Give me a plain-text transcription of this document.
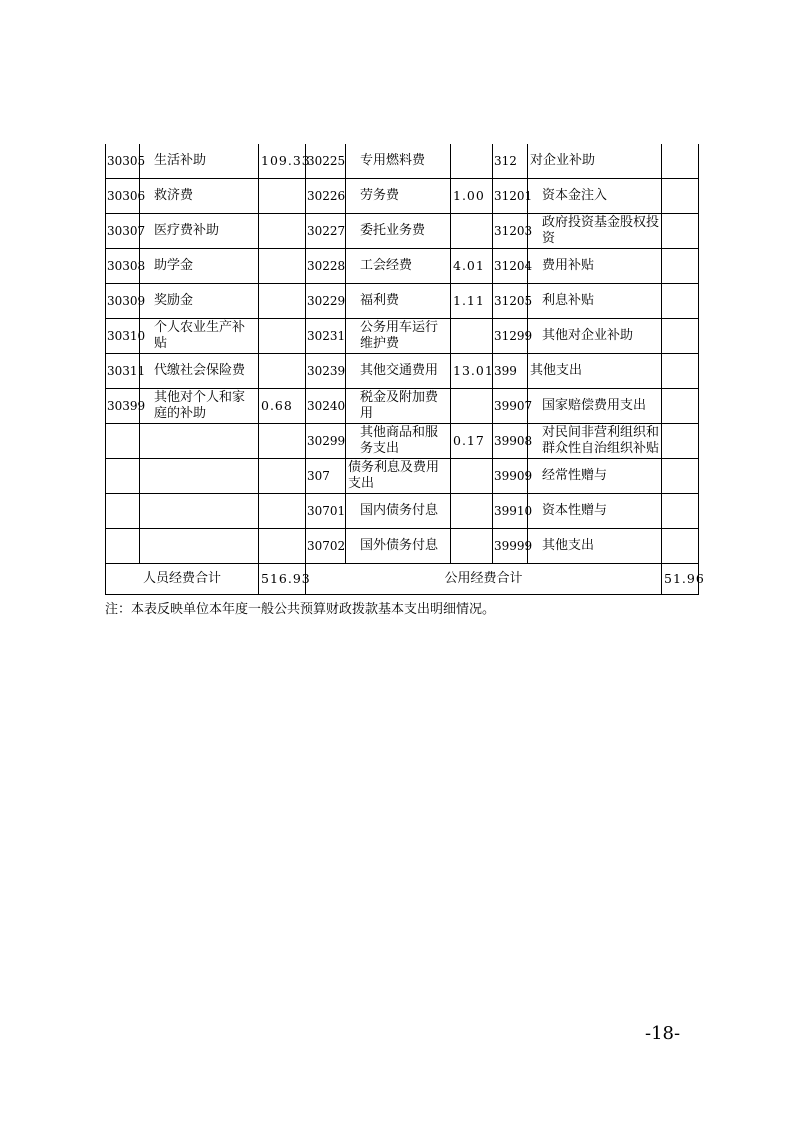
30305	生活补助	109.33	30225	专用燃料费		312	对企业补助	
30306	救济费		30226	劳务费	1.00	31201	资本金注入	
30307	医疗费补助		30227	委托业务费		31203	政府投资基金股权投资	
30308	助学金		30228	工会经费	4.01	31204	费用补贴	
30309	奖励金		30229	福利费	1.11	31205	利息补贴	
30310	个人农业生产补贴		30231	公务用车运行维护费		31299	其他对企业补助	
30311	代缴社会保险费		30239	其他交通费用	13.01	399	其他支出	
30399	其他对个人和家庭的补助	0.68	30240	税金及附加费用		39907	国家赔偿费用支出	
			30299	其他商品和服务支出	0.17	39908	对民间非营利组织和群众性自治组织补贴	
			307	债务利息及费用支出		39909	经常性赠与	
			30701	国内债务付息		39910	资本性赠与	
			30702	国外债务付息		39999	其他支出	
人员经费合计		516.93	公用经费合计					51.96
注：本表反映单位本年度一般公共预算财政拨款基本支出明细情况。
-18-
